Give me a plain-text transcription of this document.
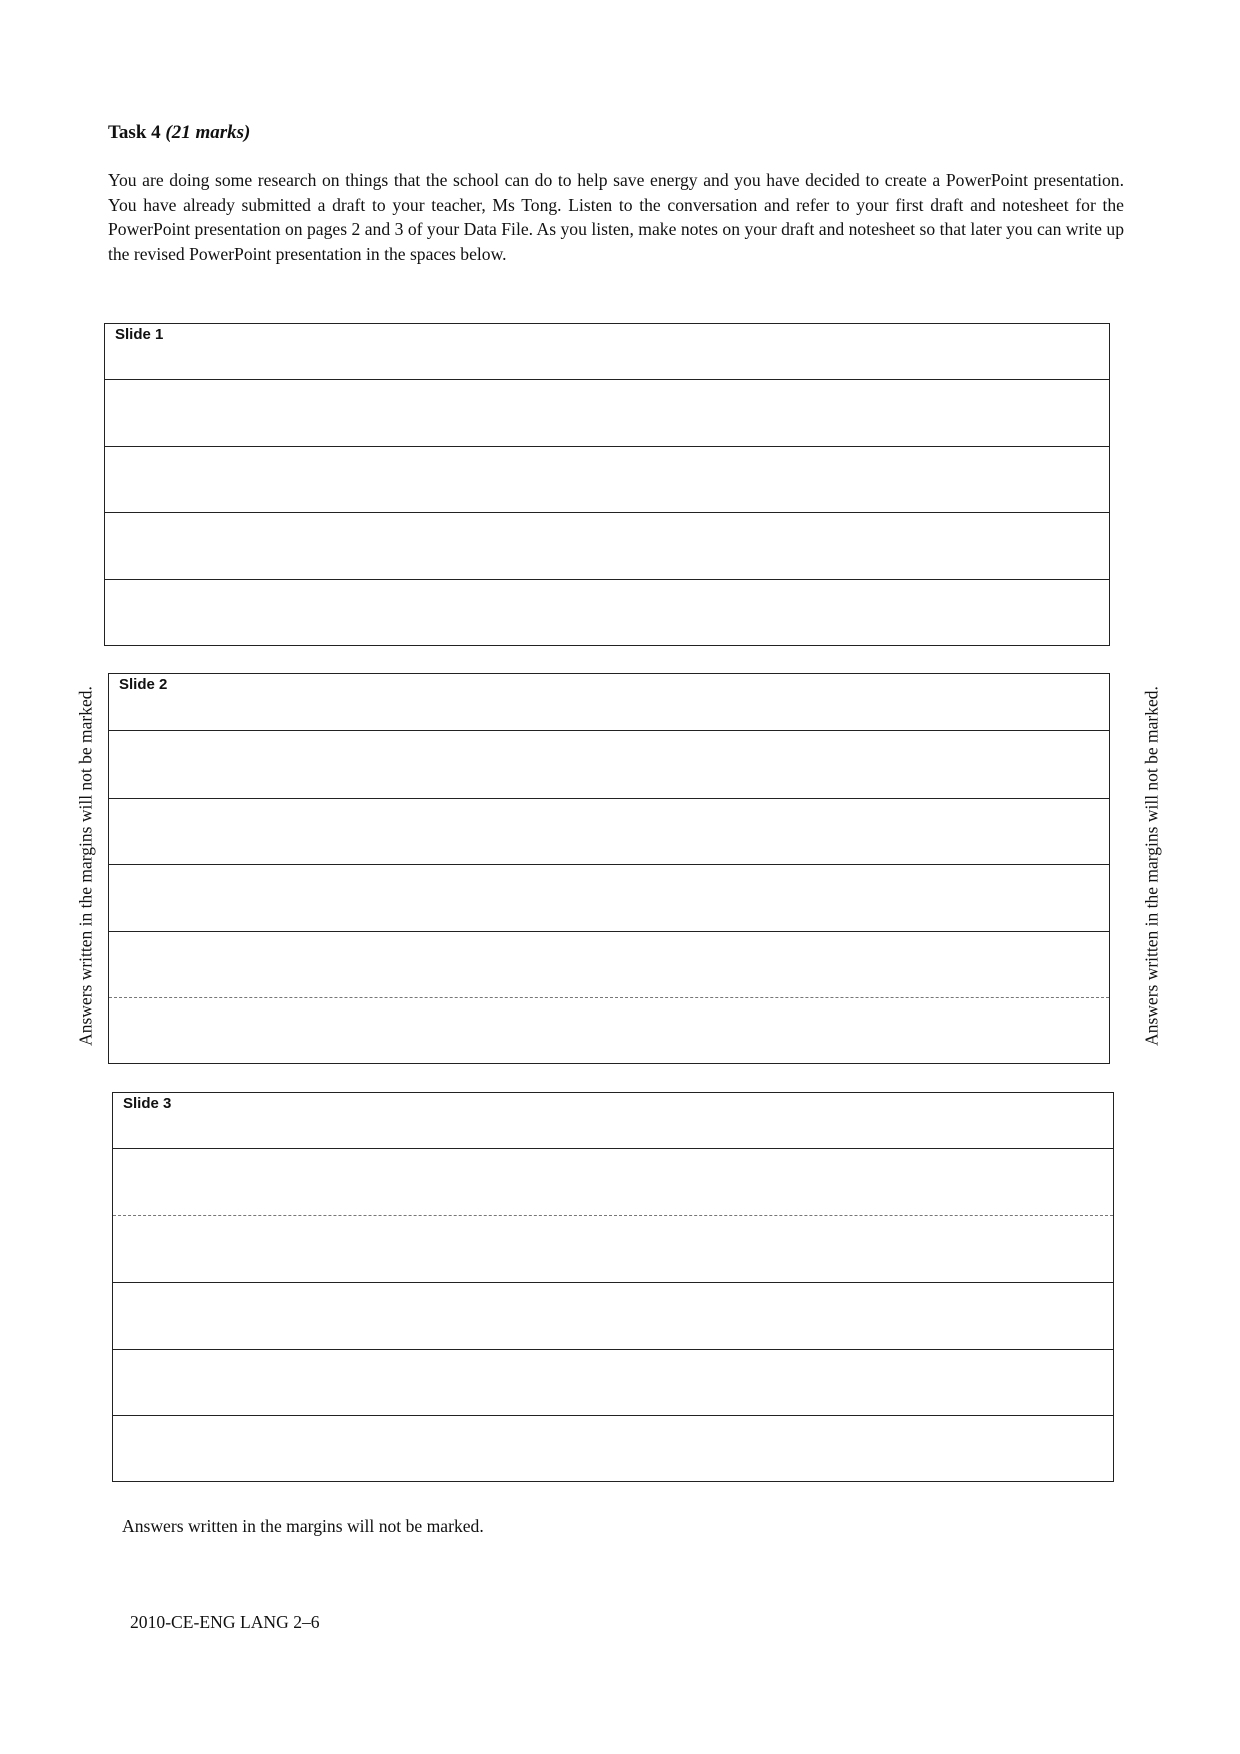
Task 4 (21 marks)
You are doing some research on things that the school can do to help save energy and you have decided to create a PowerPoint presentation. You have already submitted a draft to your teacher, Ms Tong. Listen to the conversation and refer to your first draft and notesheet for the PowerPoint presentation on pages 2 and 3 of your Data File. As you listen, make notes on your draft and notesheet so that later you can write up the revised PowerPoint presentation in the spaces below.
Slide 1
Slide 2
Slide 3
Answers written in the margins will not be marked.	Answers written in the margins will not be marked.
Answers written in the margins will not be marked.
2010-CE-ENG LANG 2–6
